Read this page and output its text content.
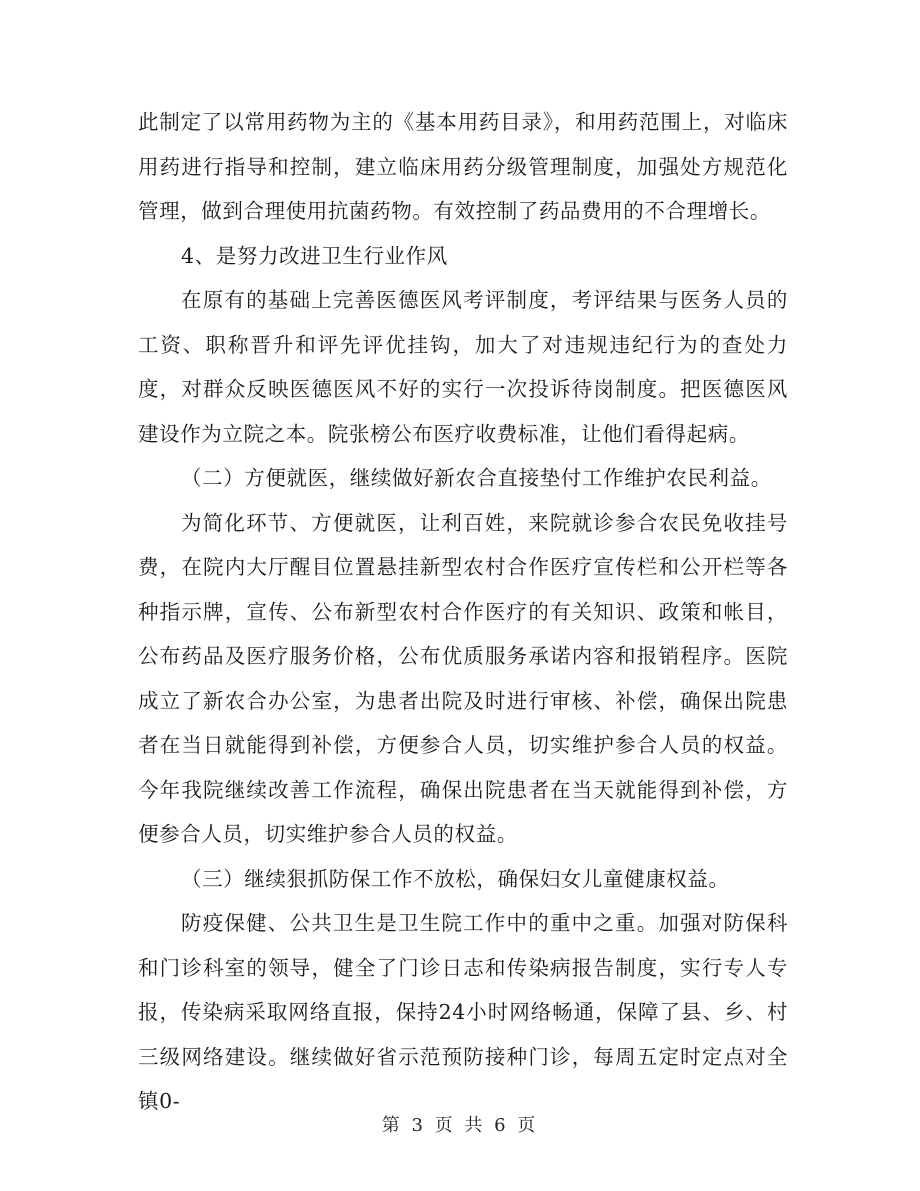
此制定了以常用药物为主的《基本用药目录》，和用药范围上，对临床用药进行指导和控制，建立临床用药分级管理制度，加强处方规范化管理，做到合理使用抗菌药物。有效控制了药品费用的不合理增长。

4、是努力改进卫生行业作风

在原有的基础上完善医德医风考评制度，考评结果与医务人员的工资、职称晋升和评先评优挂钩，加大了对违规违纪行为的查处力度，对群众反映医德医风不好的实行一次投诉待岗制度。把医德医风建设作为立院之本。院张榜公布医疗收费标准，让他们看得起病。

（二）方便就医，继续做好新农合直接垫付工作维护农民利益。

为简化环节、方便就医，让利百姓，来院就诊参合农民免收挂号费，在院内大厅醒目位置悬挂新型农村合作医疗宣传栏和公开栏等各种指示牌，宣传、公布新型农村合作医疗的有关知识、政策和帐目，公布药品及医疗服务价格，公布优质服务承诺内容和报销程序。医院成立了新农合办公室，为患者出院及时进行审核、补偿，确保出院患者在当日就能得到补偿，方便参合人员，切实维护参合人员的权益。今年我院继续改善工作流程，确保出院患者在当天就能得到补偿，方便参合人员，切实维护参合人员的权益。

（三）继续狠抓防保工作不放松，确保妇女儿童健康权益。

防疫保健、公共卫生是卫生院工作中的重中之重。加强对防保科和门诊科室的领导，健全了门诊日志和传染病报告制度，实行专人专报，传染病采取网络直报，保持24小时网络畅通，保障了县、乡、村三级网络建设。继续做好省示范预防接种门诊，每周五定时定点对全镇0-

第 3 页 共 6 页
